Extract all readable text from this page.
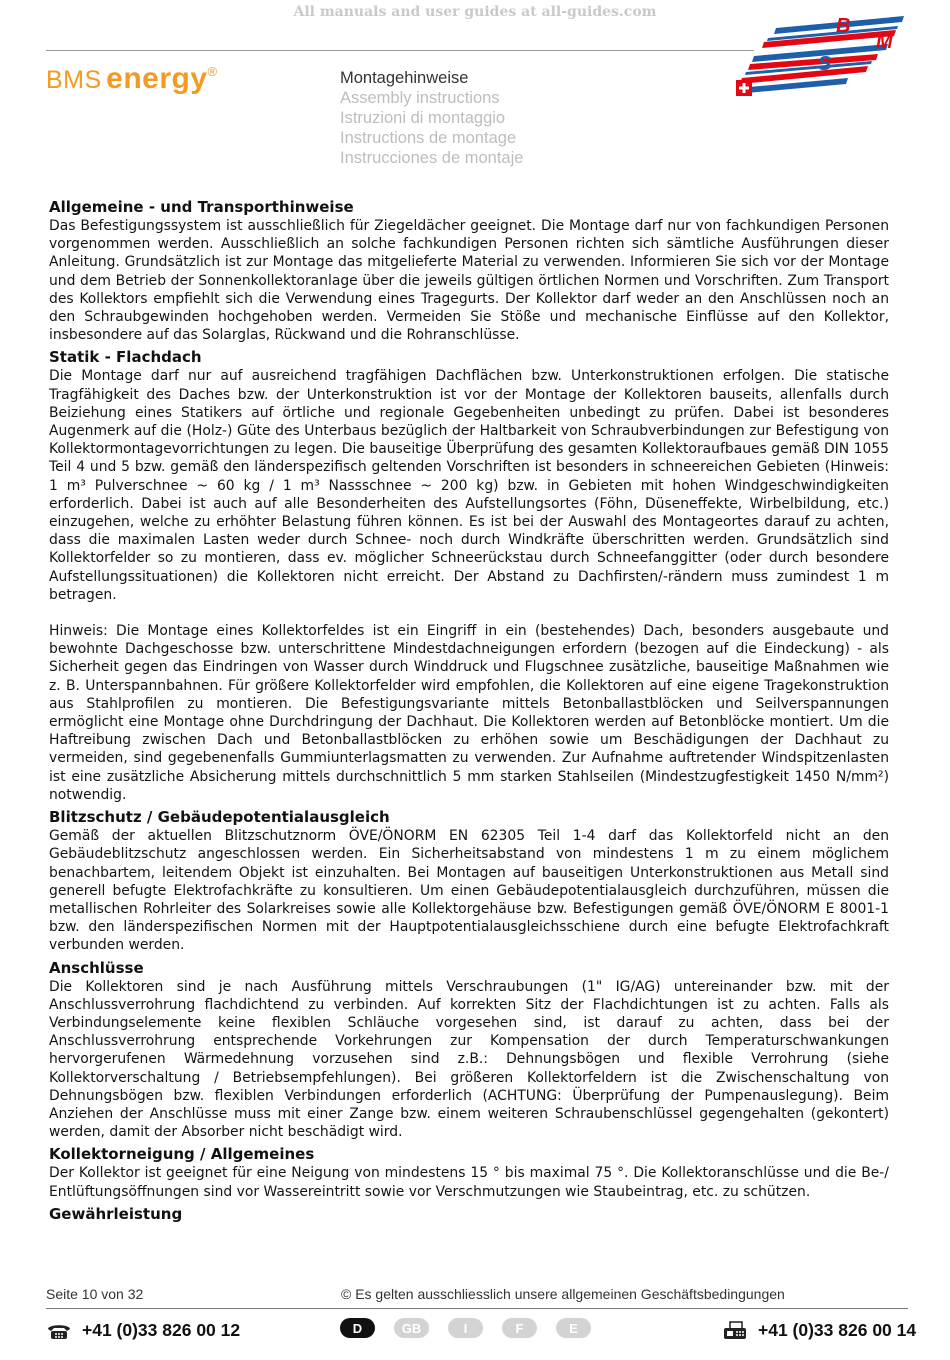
All manuals and user guides at all-guides.com
BMS energy®	Montagehinweise
Assembly instructions
Istruzioni di montaggio
Instructions de montage
Instrucciones de montaje
B
M
S
Allgemeine - und Transporthinweise

Das Befestigungssystem ist ausschließlich für Ziegeldächer geeignet. Die Montage darf nur von fachkundigen Personen vorgenommen werden. Ausschließlich an solche fachkundigen Personen richten sich sämtliche Ausführungen dieser Anleitung. Grundsätzlich ist zur Montage das mitgelieferte Material zu verwenden. Informieren Sie sich vor der Montage und dem Betrieb der Sonnenkollektoranlage über die jeweils gültigen örtlichen Normen und Vorschriften. Zum Transport des Kollektors empfiehlt sich die Verwendung eines Tragegurts. Der Kollektor darf weder an den Anschlüssen noch an den Schraubgewinden hochgehoben werden. Vermeiden Sie Stöße und mechanische Einflüsse auf den Kollektor, insbesondere auf das Solarglas, Rückwand und die Rohranschlüsse.

Statik - Flachdach

Die Montage darf nur auf ausreichend tragfähigen Dachflächen bzw. Unterkonstruktionen erfolgen. Die statische Tragfähigkeit des Daches bzw. der Unterkonstruktion ist vor der Montage der Kollektoren bauseits, allenfalls durch Beiziehung eines Statikers auf örtliche und regionale Gegebenheiten unbedingt zu prüfen. Dabei ist besonderes Augenmerk auf die (Holz-) Güte des Unterbaus bezüglich der Haltbarkeit von Schraubverbindungen zur Befestigung von Kollektormontagevorrichtungen zu legen. Die bauseitige Überprüfung des gesamten Kollektoraufbaues gemäß DIN 1055 Teil 4 und 5 bzw. gemäß den länderspezifisch geltenden Vorschriften ist besonders in schneereichen Gebieten (Hinweis: 1 m³ Pulverschnee ~ 60 kg / 1 m³ Nassschnee ~ 200 kg) bzw. in Gebieten mit hohen Windgeschwindigkeiten erforderlich. Dabei ist auch auf alle Besonderheiten des Aufstellungsortes (Föhn, Düseneffekte, Wirbelbildung, etc.) einzugehen, welche zu erhöhter Belastung führen können. Es ist bei der Auswahl des Montageortes darauf zu achten, dass die maximalen Lasten weder durch Schnee- noch durch Windkräfte überschritten werden. Grundsätzlich sind Kollektorfelder so zu montieren, dass ev. möglicher Schneerückstau durch Schneefanggitter (oder durch besondere Aufstellungssituationen) die Kollektoren nicht erreicht. Der Abstand zu Dachfirsten/-rändern muss zumindest 1 m betragen.

Hinweis: Die Montage eines Kollektorfeldes ist ein Eingriff in ein (bestehendes) Dach, besonders ausgebaute und bewohnte Dachgeschosse bzw. unterschrittene Mindestdachneigungen erfordern (bezogen auf die Eindeckung) - als Sicherheit gegen das Eindringen von Wasser durch Winddruck und Flugschnee zusätzliche, bauseitige Maßnahmen wie z. B. Unterspannbahnen. Für größere Kollektorfelder wird empfohlen, die Kollektoren auf eine eigene Tragekonstruktion aus Stahlprofilen zu montieren. Die Befestigungsvariante mittels Betonballastblöcken und Seilverspannungen ermöglicht eine Montage ohne Durchdringung der Dachhaut. Die Kollektoren werden auf Betonblöcke montiert. Um die Haftreibung zwischen Dach und Betonballastblöcken zu erhöhen sowie um Beschädigungen der Dachhaut zu vermeiden, sind gegebenenfalls Gummiunterlagsmatten zu verwenden. Zur Aufnahme auftretender Windspitzenlasten ist eine zusätzliche Absicherung mittels durchschnittlich 5 mm starken Stahlseilen (Mindestzugfestigkeit 1450 N/mm²) notwendig.

Blitzschutz / Gebäudepotentialausgleich

Gemäß der aktuellen Blitzschutznorm ÖVE/ÖNORM EN 62305 Teil 1-4 darf das Kollektorfeld nicht an den Gebäudeblitzschutz angeschlossen werden. Ein Sicherheitsabstand von mindestens 1 m zu einem möglichem benachbartem, leitendem Objekt ist einzuhalten. Bei Montagen auf bauseitigen Unterkonstruktionen aus Metall sind generell befugte Elektrofachkräfte zu konsultieren. Um einen Gebäudepotentialausgleich durchzuführen, müssen die metallischen Rohrleiter des Solarkreises sowie alle Kollektorgehäuse bzw. Befestigungen gemäß ÖVE/ÖNORM E 8001-1 bzw. den länderspezifischen Normen mit der Hauptpotentialausgleichsschiene durch eine befugte Elektrofachkraft verbunden werden.

Anschlüsse

Die Kollektoren sind je nach Ausführung mittels Verschraubungen (1" IG/AG) untereinander bzw. mit der Anschlussverrohrung flachdichtend zu verbinden. Auf korrekten Sitz der Flachdichtungen ist zu achten. Falls als Verbindungselemente keine flexiblen Schläuche vorgesehen sind, ist darauf zu achten, dass bei der Anschlussverrohrung entsprechende Vorkehrungen zur Kompensation der durch Temperaturschwankungen hervorgerufenen Wärmedehnung vorzusehen sind z.B.: Dehnungsbögen und flexible Verrohrung (siehe Kollektorverschaltung / Betriebsempfehlungen). Bei größeren Kollektorfeldern ist die Zwischenschaltung von Dehnungsbögen bzw. flexiblen Verbindungen erforderlich (ACHTUNG: Überprüfung der Pumpenauslegung). Beim Anziehen der Anschlüsse muss mit einer Zange bzw. einem weiteren Schraubenschlüssel gegengehalten (gekontert) werden, damit der Absorber nicht beschädigt wird.

Kollektorneigung / Allgemeines

Der Kollektor ist geeignet für eine Neigung von mindestens 15 ° bis maximal 75 °. Die Kollektoranschlüsse und die Be-/ Entlüftungsöffnungen sind vor Wassereintritt sowie vor Verschmutzungen wie Staubeintrag, etc. zu schützen.

Gewährleistung
Seite 10 von 32	© Es gelten ausschliesslich unsere allgemeinen Geschäftsbedingungen
+41 (0)33 826 00 12	D	GB	I	F	E	+41 (0)33 826 00 14
